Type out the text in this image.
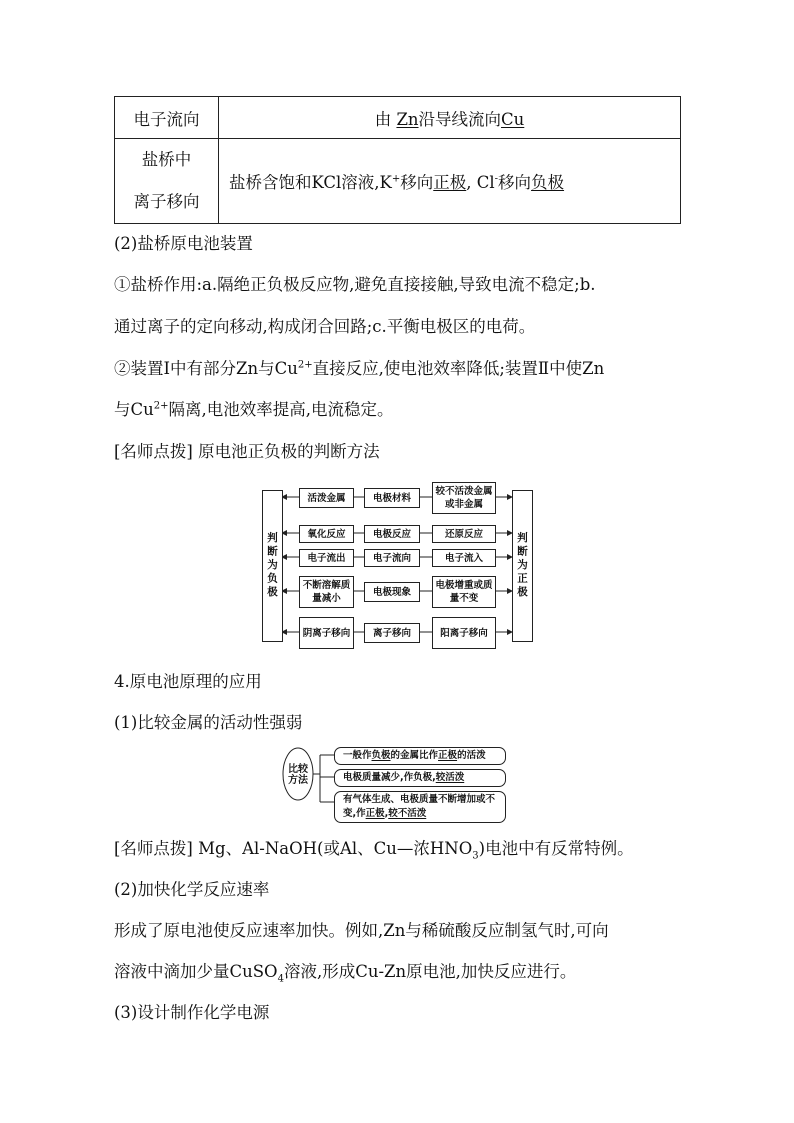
电子流向	由 Zn沿导线流向Cu

盐桥中
离子移向	盐桥含饱和KCl溶液,K+移向正极, Cl-移向负极
(2)盐桥原电池装置
①盐桥作用:a.隔绝正负极反应物,避免直接接触,导致电流不稳定;b.
通过离子的定向移动,构成闭合回路;c.平衡电极区的电荷。
②装置Ⅰ中有部分Zn与$Cu^{2+}$直接反应,使电池效率降低;装置Ⅱ中使Zn
与$Cu^{2+}$隔离,电池效率提高,电流稳定。
[名师点拨] 原电池正负极的判断方法
判断为负极	判断为正极
活泼金属	电极材料
较不活泼金属或非金属
氧化反应	电极反应	还原反应
电子流出	电子流向	电子流入
不断溶解质量减小
电极现象
电极增重或质量不变
阴离子移向	离子移向	阳离子移向
4.原电池原理的应用
(1)比较金属的活动性强弱
比较方法
一般作 负极 的金属比作 正极 的活泼
电极质量减少,作负极, 较活泼
有气体生成、电极质量不断增加或不
变,作正极,较不活泼
[名师点拨] Mg、Al-NaOH(或Al、Cu—浓$HNO_3$)电池中有反常特例。
(2)加快化学反应速率
形成了原电池使反应速率加快。例如,Zn与稀硫酸反应制氢气时,可向
溶液中滴加少量CuSO$_4$溶液,形成Cu-Zn原电池,加快反应进行。
(3)设计制作化学电源
